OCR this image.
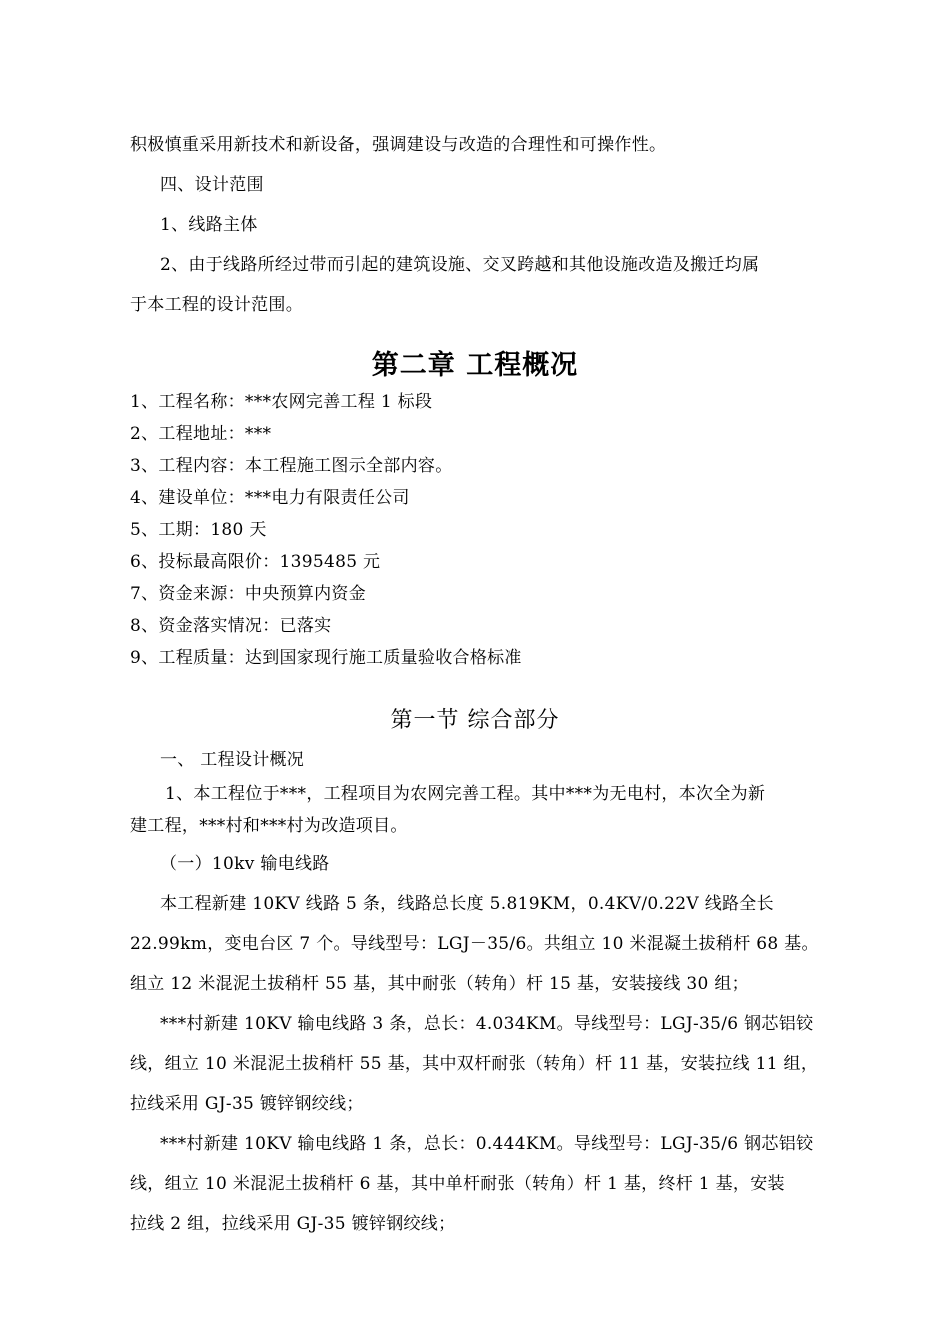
积极慎重采用新技术和新设备，强调建设与改造的合理性和可操作性。
四、设计范围
1、线路主体
2、由于线路所经过带而引起的建筑设施、交叉跨越和其他设施改造及搬迁均属
于本工程的设计范围。
第二章 工程概况
1、工程名称：***农网完善工程 1 标段
2、工程地址：***
3、工程内容：本工程施工图示全部内容。
4、建设单位：***电力有限责任公司
5、工期：180 天
6、投标最高限价：1395485 元
7、资金来源：中央预算内资金
8、资金落实情况：已落实
9、工程质量：达到国家现行施工质量验收合格标准
第一节 综合部分
一、 工程设计概况
1、本工程位于***，工程项目为农网完善工程。其中***为无电村，本次全为新
建工程，***村和***村为改造项目。
（一）10kv 输电线路
本工程新建 10KV 线路 5 条，线路总长度 5.819KM，0.4KV/0.22V 线路全长
22.99km，变电台区 7 个。导线型号：LGJ－35/6。共组立 10 米混凝土拔稍杆 68 基。
组立 12 米混泥土拔稍杆 55 基，其中耐张（转角）杆 15 基，安装接线 30 组；
***村新建 10KV 输电线路 3 条，总长：4.034KM。导线型号：LGJ-35/6 钢芯铝铰
线，组立 10 米混泥土拔稍杆 55 基，其中双杆耐张（转角）杆 11 基，安装拉线 11 组，
拉线采用 GJ-35 镀锌钢绞线；
***村新建 10KV 输电线路 1 条，总长：0.444KM。导线型号：LGJ-35/6 钢芯铝铰
线，组立 10 米混泥土拔稍杆 6 基，其中单杆耐张（转角）杆 1 基，终杆 1 基，安装
拉线 2 组，拉线采用 GJ-35 镀锌钢绞线；
